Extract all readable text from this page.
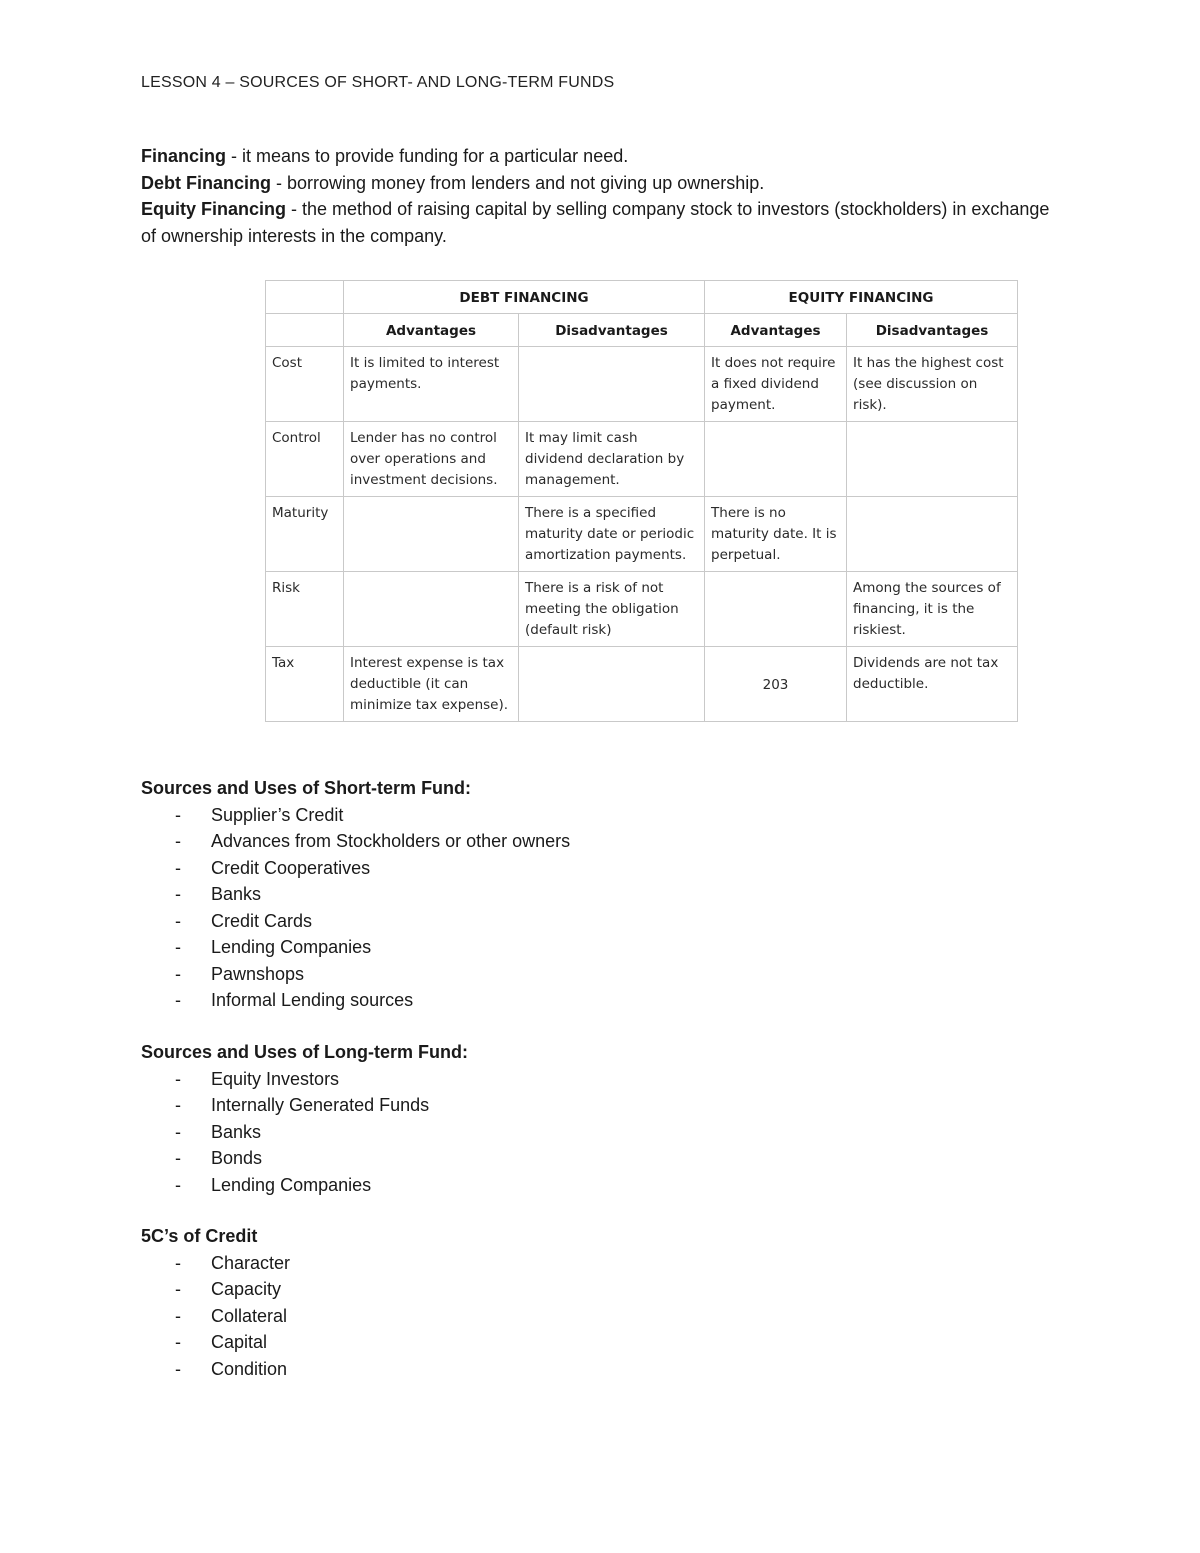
LESSON 4 – SOURCES OF SHORT- AND LONG-TERM FUNDS

Financing - it means to provide funding for a particular need.

Debt Financing - borrowing money from lenders and not giving up ownership.

Equity Financing - the method of raising capital by selling company stock to investors (stockholders) in exchange of ownership interests in the company.

	DEBT FINANCING		EQUITY FINANCING	
	Advantages	Disadvantages	Advantages	Disadvantages
Cost	It is limited to interest payments.		It does not require a fixed dividend payment.	It has the highest cost (see discussion on risk).
Control	Lender has no control over operations and investment decisions.	It may limit cash dividend declaration by management.		
Maturity		There is a specified maturity date or periodic amortization payments.	There is no maturity date. It is perpetual.	
Risk		There is a risk of not meeting the obligation (default risk)		Among the sources of financing, it is the riskiest.
Tax	Interest expense is tax deductible (it can minimize tax expense).		203	Dividends are not tax deductible.

Sources and Uses of Short-term Fund:

- Supplier’s Credit
- Advances from Stockholders or other owners
- Credit Cooperatives
- Banks
- Credit Cards
- Lending Companies
- Pawnshops
- Informal Lending sources

Sources and Uses of Long-term Fund:

- Equity Investors
- Internally Generated Funds
- Banks
- Bonds
- Lending Companies

5C’s of Credit

- Character
- Capacity
- Collateral
- Capital
- Condition
